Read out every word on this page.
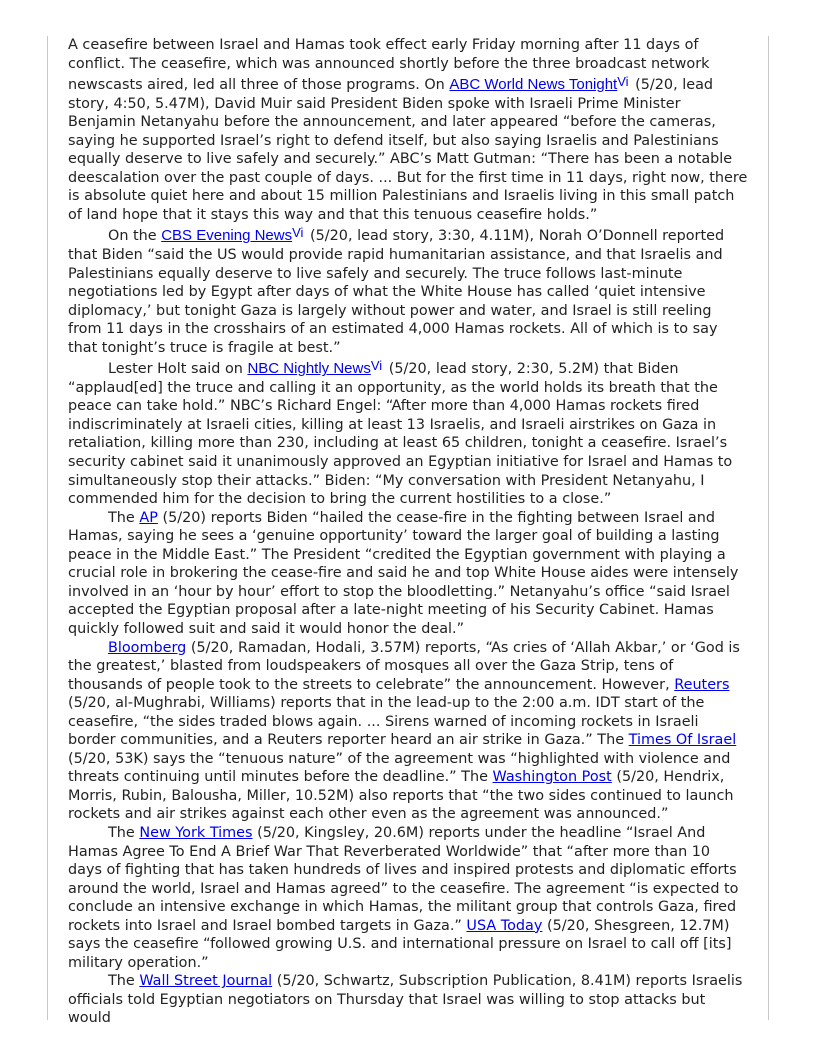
A ceasefire between Israel and Hamas took effect early Friday morning after 11 days of conflict. The ceasefire, which was announced shortly before the three broadcast network newscasts aired, led all three of those programs. On ABC World News TonightVi (5/20, lead story, 4:50, 5.47M), David Muir said President Biden spoke with Israeli Prime Minister Benjamin Netanyahu before the announcement, and later appeared “before the cameras, saying he supported Israel’s right to defend itself, but also saying Israelis and Palestinians equally deserve to live safely and securely.” ABC’s Matt Gutman: “There has been a notable deescalation over the past couple of days. ... But for the first time in 11 days, right now, there is absolute quiet here and about 15 million Palestinians and Israelis living in this small patch of land hope that it stays this way and that this tenuous ceasefire holds.”

On the CBS Evening NewsVi (5/20, lead story, 3:30, 4.11M), Norah O’Donnell reported that Biden “said the US would provide rapid humanitarian assistance, and that Israelis and Palestinians equally deserve to live safely and securely. The truce follows last-minute negotiations led by Egypt after days of what the White House has called ‘quiet intensive diplomacy,’ but tonight Gaza is largely without power and water, and Israel is still reeling from 11 days in the crosshairs of an estimated 4,000 Hamas rockets. All of which is to say that tonight’s truce is fragile at best.”

Lester Holt said on NBC Nightly NewsVi (5/20, lead story, 2:30, 5.2M) that Biden “applaud[ed] the truce and calling it an opportunity, as the world holds its breath that the peace can take hold.” NBC’s Richard Engel: “After more than 4,000 Hamas rockets fired indiscriminately at Israeli cities, killing at least 13 Israelis, and Israeli airstrikes on Gaza in retaliation, killing more than 230, including at least 65 children, tonight a ceasefire. Israel’s security cabinet said it unanimously approved an Egyptian initiative for Israel and Hamas to simultaneously stop their attacks.” Biden: “My conversation with President Netanyahu, I commended him for the decision to bring the current hostilities to a close.”

The AP (5/20) reports Biden “hailed the cease-fire in the fighting between Israel and Hamas, saying he sees a ‘genuine opportunity’ toward the larger goal of building a lasting peace in the Middle East.” The President “credited the Egyptian government with playing a crucial role in brokering the cease-fire and said he and top White House aides were intensely involved in an ‘hour by hour’ effort to stop the bloodletting.” Netanyahu’s office “said Israel accepted the Egyptian proposal after a late-night meeting of his Security Cabinet. Hamas quickly followed suit and said it would honor the deal.”

Bloomberg (5/20, Ramadan, Hodali, 3.57M) reports, “As cries of ‘Allah Akbar,’ or ‘God is the greatest,’ blasted from loudspeakers of mosques all over the Gaza Strip, tens of thousands of people took to the streets to celebrate” the announcement. However, Reuters (5/20, al-Mughrabi, Williams) reports that in the lead-up to the 2:00 a.m. IDT start of the ceasefire, “the sides traded blows again. ... Sirens warned of incoming rockets in Israeli border communities, and a Reuters reporter heard an air strike in Gaza.” The Times Of Israel (5/20, 53K) says the “tenuous nature” of the agreement was “highlighted with violence and threats continuing until minutes before the deadline.” The Washington Post (5/20, Hendrix, Morris, Rubin, Balousha, Miller, 10.52M) also reports that “the two sides continued to launch rockets and air strikes against each other even as the agreement was announced.”

The New York Times (5/20, Kingsley, 20.6M) reports under the headline “Israel And Hamas Agree To End A Brief War That Reverberated Worldwide” that “after more than 10 days of fighting that has taken hundreds of lives and inspired protests and diplomatic efforts around the world, Israel and Hamas agreed” to the ceasefire. The agreement “is expected to conclude an intensive exchange in which Hamas, the militant group that controls Gaza, fired rockets into Israel and Israel bombed targets in Gaza.” USA Today (5/20, Shesgreen, 12.7M) says the ceasefire “followed growing U.S. and international pressure on Israel to call off [its] military operation.”

The Wall Street Journal (5/20, Schwartz, Subscription Publication, 8.41M) reports Israelis officials told Egyptian negotiators on Thursday that Israel was willing to stop attacks but would
